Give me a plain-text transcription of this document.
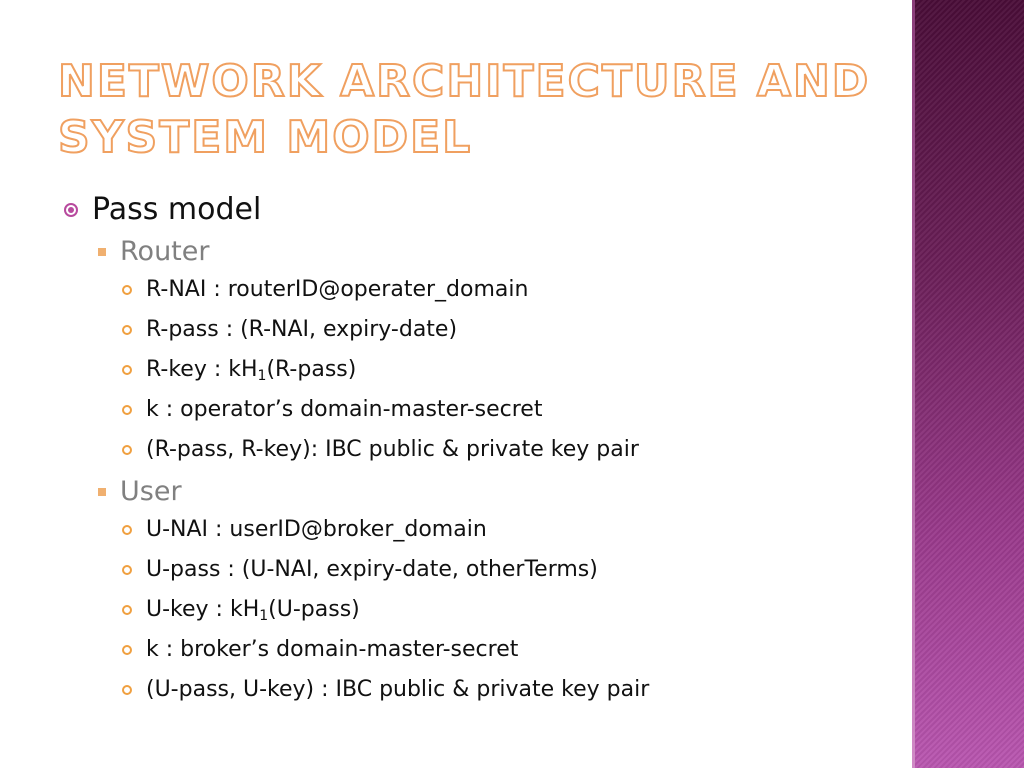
NETWORK ARCHITECTURE AND SYSTEM MODEL
Pass model
Router
R-NAI : routerID@operater_domain
R-pass : (R-NAI, expiry-date)
R-key : $kH_1(R-pass)$
k : operator’s domain-master-secret
(R-pass, R-key): IBC public & private key pair
User
U-NAI : userID@broker_domain
U-pass : (U-NAI, expiry-date, otherTerms)
U-key : $kH_1(U-pass)$
k : broker’s domain-master-secret
(U-pass, U-key) : IBC public & private key pair
